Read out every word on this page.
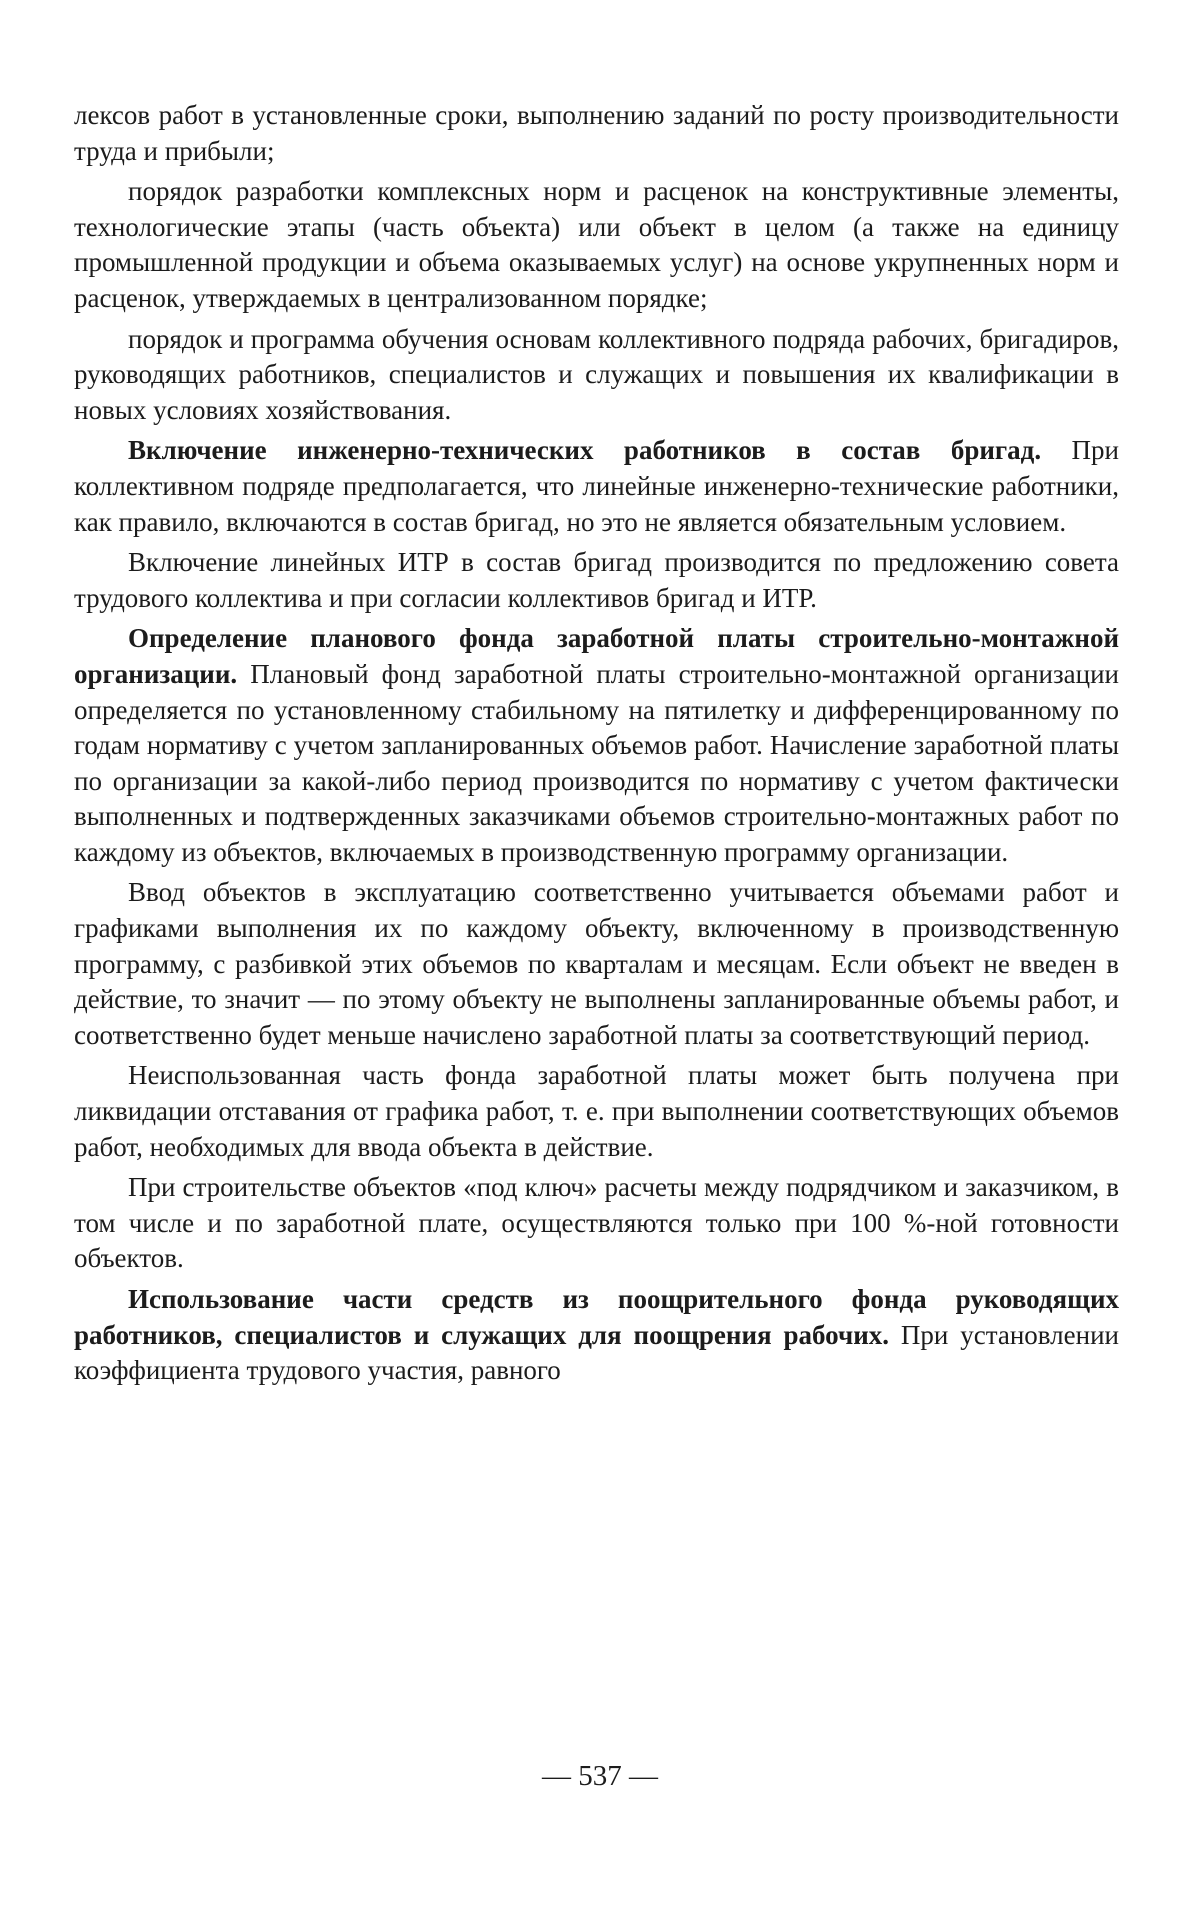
лексов работ в установленные сроки, выполнению заданий по росту производительности труда и прибыли;

порядок разработки комплексных норм и расценок на конструктивные элементы, технологические этапы (часть объекта) или объект в целом (а также на единицу промышленной продукции и объема оказываемых услуг) на основе укрупненных норм и расценок, утверждаемых в централизованном порядке;

порядок и программа обучения основам коллективного подряда рабочих, бригадиров, руководящих работников, специалистов и служащих и повышения их квалификации в новых условиях хозяйствования.

Включение инженерно-технических работников в состав бригад. При коллективном подряде предполагается, что линейные инженерно-технические работники, как правило, включаются в состав бригад, но это не является обязательным условием.

Включение линейных ИТР в состав бригад производится по предложению совета трудового коллектива и при согласии коллективов бригад и ИТР.

Определение планового фонда заработной платы строительно-монтажной организации. Плановый фонд заработной платы строительно-монтажной организации определяется по установленному стабильному на пятилетку и дифференцированному по годам нормативу с учетом запланированных объемов работ. Начисление заработной платы по организации за какой-либо период производится по нормативу с учетом фактически выполненных и подтвержденных заказчиками объемов строительно-монтажных работ по каждому из объектов, включаемых в производственную программу организации.

Ввод объектов в эксплуатацию соответственно учитывается объемами работ и графиками выполнения их по каждому объекту, включенному в производственную программу, с разбивкой этих объемов по кварталам и месяцам. Если объект не введен в действие, то значит — по этому объекту не выполнены запланированные объемы работ, и соответственно будет меньше начислено заработной платы за соответствующий период.

Неиспользованная часть фонда заработной платы может быть получена при ликвидации отставания от графика работ, т. е. при выполнении соответствующих объемов работ, необходимых для ввода объекта в действие.

При строительстве объектов «под ключ» расчеты между подрядчиком и заказчиком, в том числе и по заработной плате, осуществляются только при 100 %-ной готовности объектов.

Использование части средств из поощрительного фонда руководящих работников, специалистов и служащих для поощрения рабочих. При установлении коэффициента трудового участия, равного

— 537 —
